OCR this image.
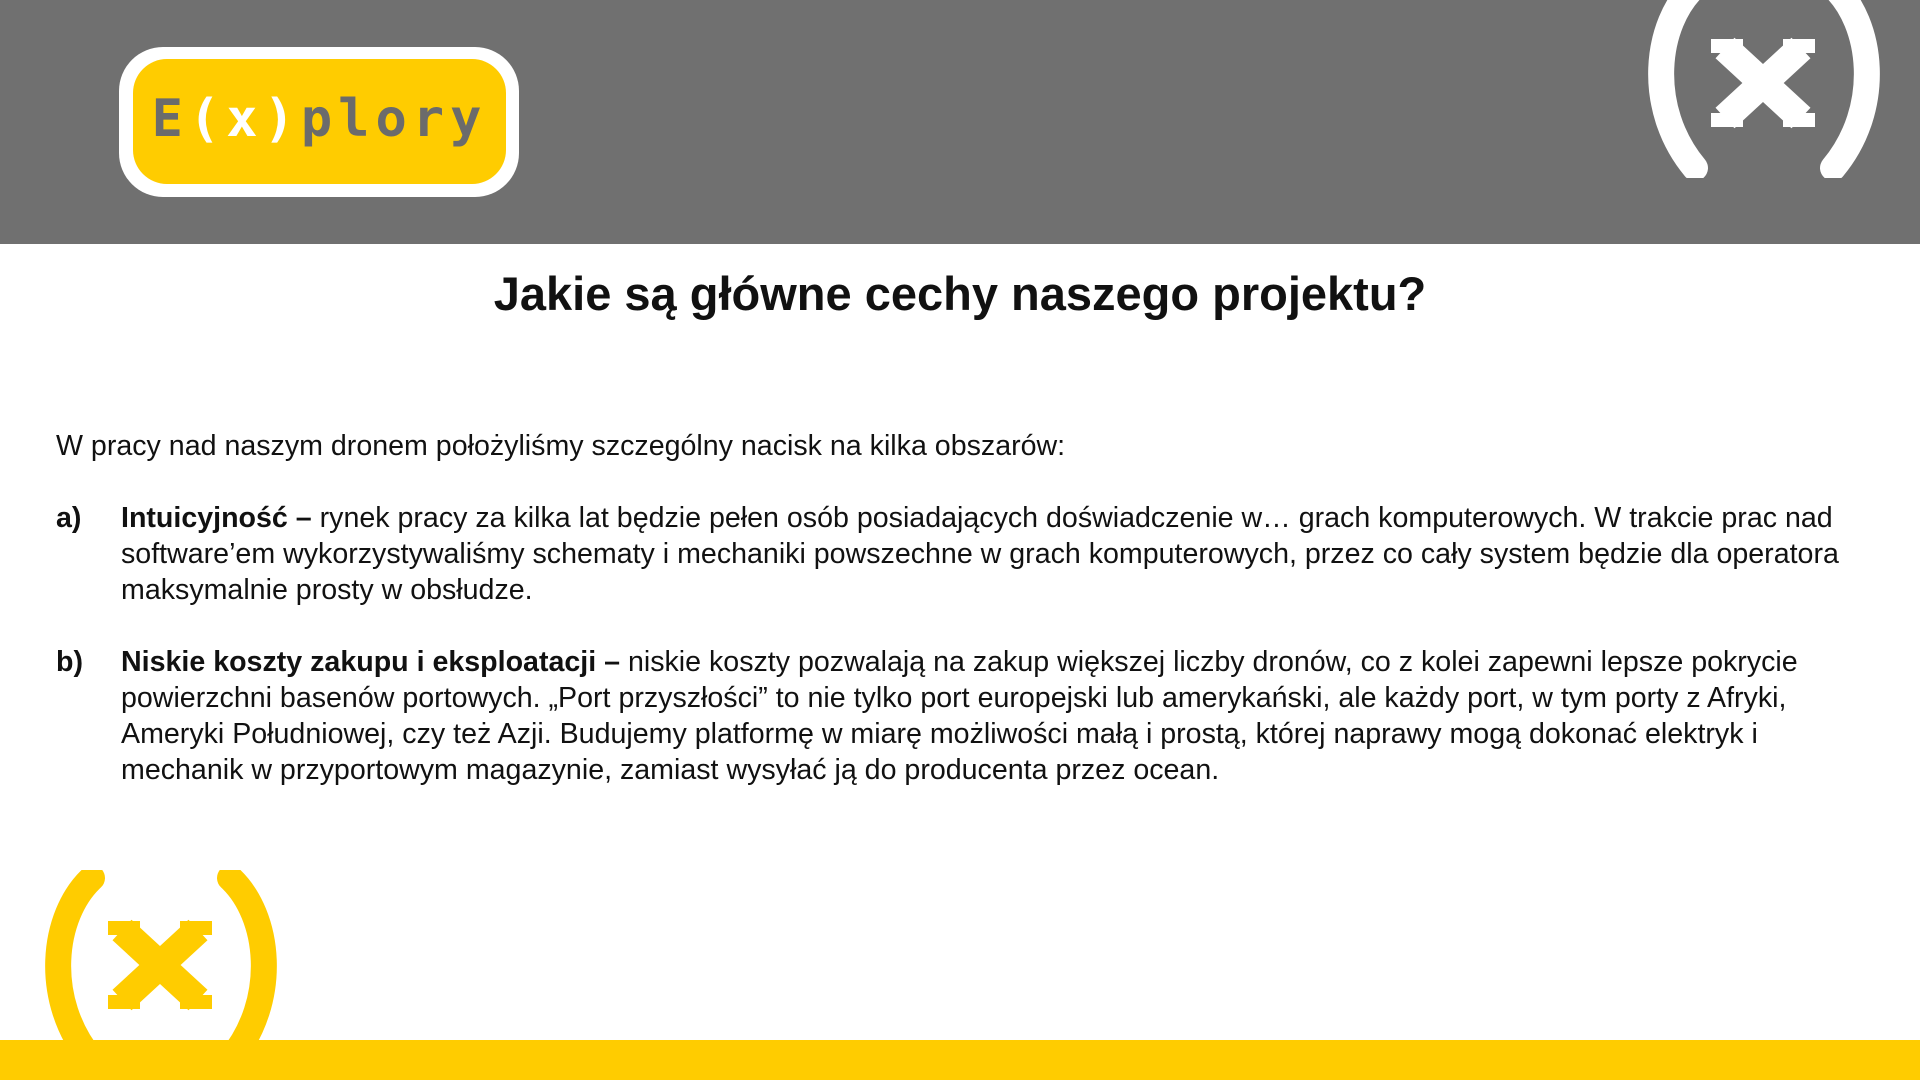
E(x)plory
Jakie są główne cechy naszego projektu?

W pracy nad naszym dronem położyliśmy szczególny nacisk na kilka obszarów:

a)	Intuicyjność – rynek pracy za kilka lat będzie pełen osób posiadających doświadczenie w… grach komputerowych. W trakcie prac nad software’em wykorzystywaliśmy schematy i mechaniki powszechne w grach komputerowych, przez co cały system będzie dla operatora maksymalnie prosty w obsłudze.
b)	Niskie koszty zakupu i eksploatacji – niskie koszty pozwalają na zakup większej liczby dronów, co z kolei zapewni lepsze pokrycie powierzchni basenów portowych. „Port przyszłości” to nie tylko port europejski lub amerykański, ale każdy port, w tym porty z Afryki, Ameryki Południowej, czy też Azji. Budujemy platformę w miarę możliwości małą i prostą, której naprawy mogą dokonać elektryk i mechanik w przyportowym magazynie, zamiast wysyłać ją do producenta przez ocean.
